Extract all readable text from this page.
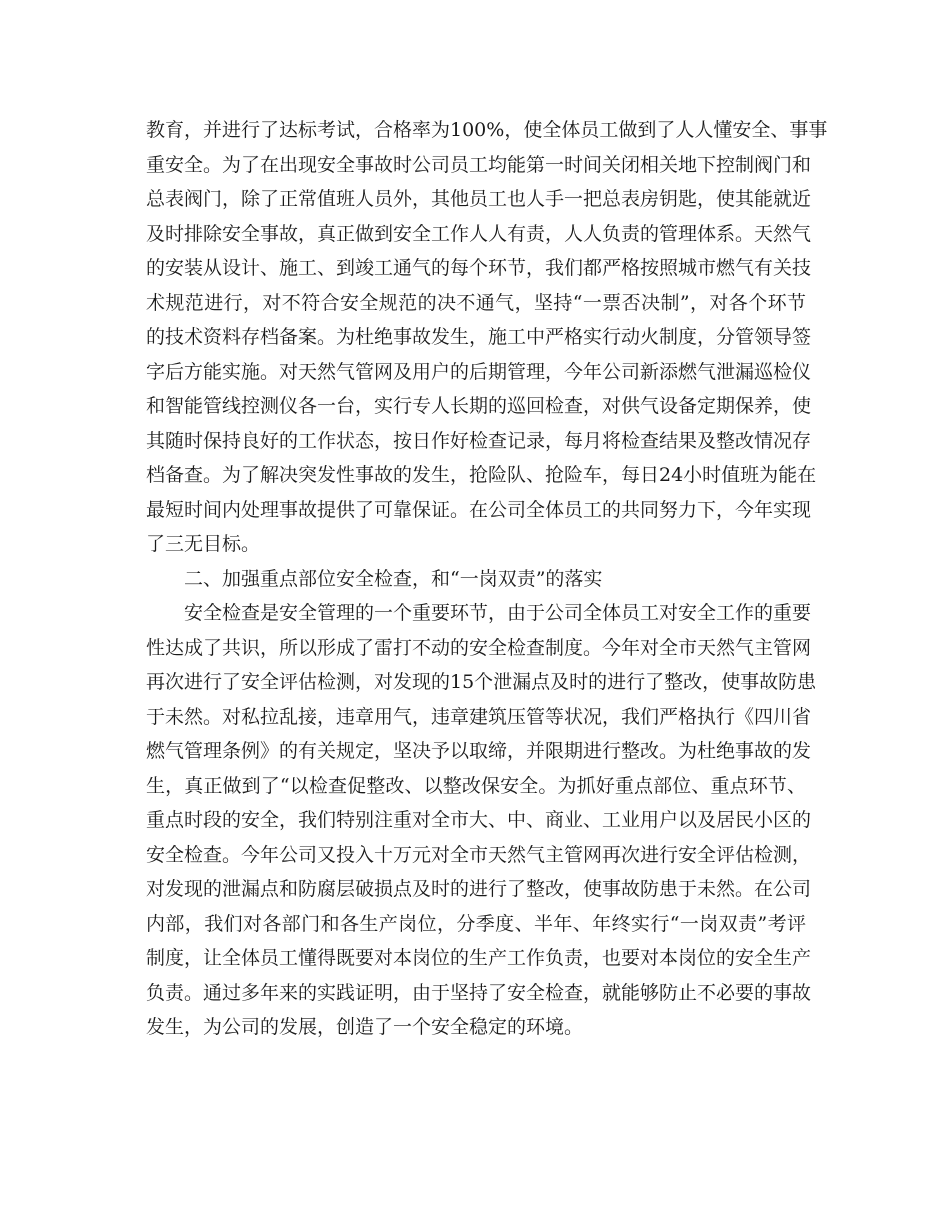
教育，并进行了达标考试，合格率为100%，使全体员工做到了人人懂安全、事事
重安全。为了在出现安全事故时公司员工均能第一时间关闭相关地下控制阀门和
总表阀门，除了正常值班人员外，其他员工也人手一把总表房钥匙，使其能就近
及时排除安全事故，真正做到安全工作人人有责，人人负责的管理体系。天然气
的安装从设计、施工、到竣工通气的每个环节，我们都严格按照城市燃气有关技
术规范进行，对不符合安全规范的决不通气，坚持“一票否决制”，对各个环节
的技术资料存档备案。为杜绝事故发生，施工中严格实行动火制度，分管领导签
字后方能实施。对天然气管网及用户的后期管理，今年公司新添燃气泄漏巡检仪
和智能管线控测仪各一台，实行专人长期的巡回检查，对供气设备定期保养，使
其随时保持良好的工作状态，按日作好检查记录，每月将检查结果及整改情况存
档备查。为了解决突发性事故的发生，抢险队、抢险车，每日24小时值班为能在
最短时间内处理事故提供了可靠保证。在公司全体员工的共同努力下，今年实现
了三无目标。
二、加强重点部位安全检查，和“一岗双责”的落实
安全检查是安全管理的一个重要环节，由于公司全体员工对安全工作的重要
性达成了共识，所以形成了雷打不动的安全检查制度。今年对全市天然气主管网
再次进行了安全评估检测，对发现的15个泄漏点及时的进行了整改，使事故防患
于未然。对私拉乱接，违章用气，违章建筑压管等状况，我们严格执行《四川省
燃气管理条例》的有关规定，坚决予以取缔，并限期进行整改。为杜绝事故的发
生，真正做到了“以检查促整改、以整改保安全。为抓好重点部位、重点环节、
重点时段的安全，我们特别注重对全市大、中、商业、工业用户以及居民小区的
安全检查。今年公司又投入十万元对全市天然气主管网再次进行安全评估检测，
对发现的泄漏点和防腐层破损点及时的进行了整改，使事故防患于未然。在公司
内部，我们对各部门和各生产岗位，分季度、半年、年终实行“一岗双责”考评
制度，让全体员工懂得既要对本岗位的生产工作负责，也要对本岗位的安全生产
负责。通过多年来的实践证明，由于坚持了安全检查，就能够防止不必要的事故
发生，为公司的发展，创造了一个安全稳定的环境。
